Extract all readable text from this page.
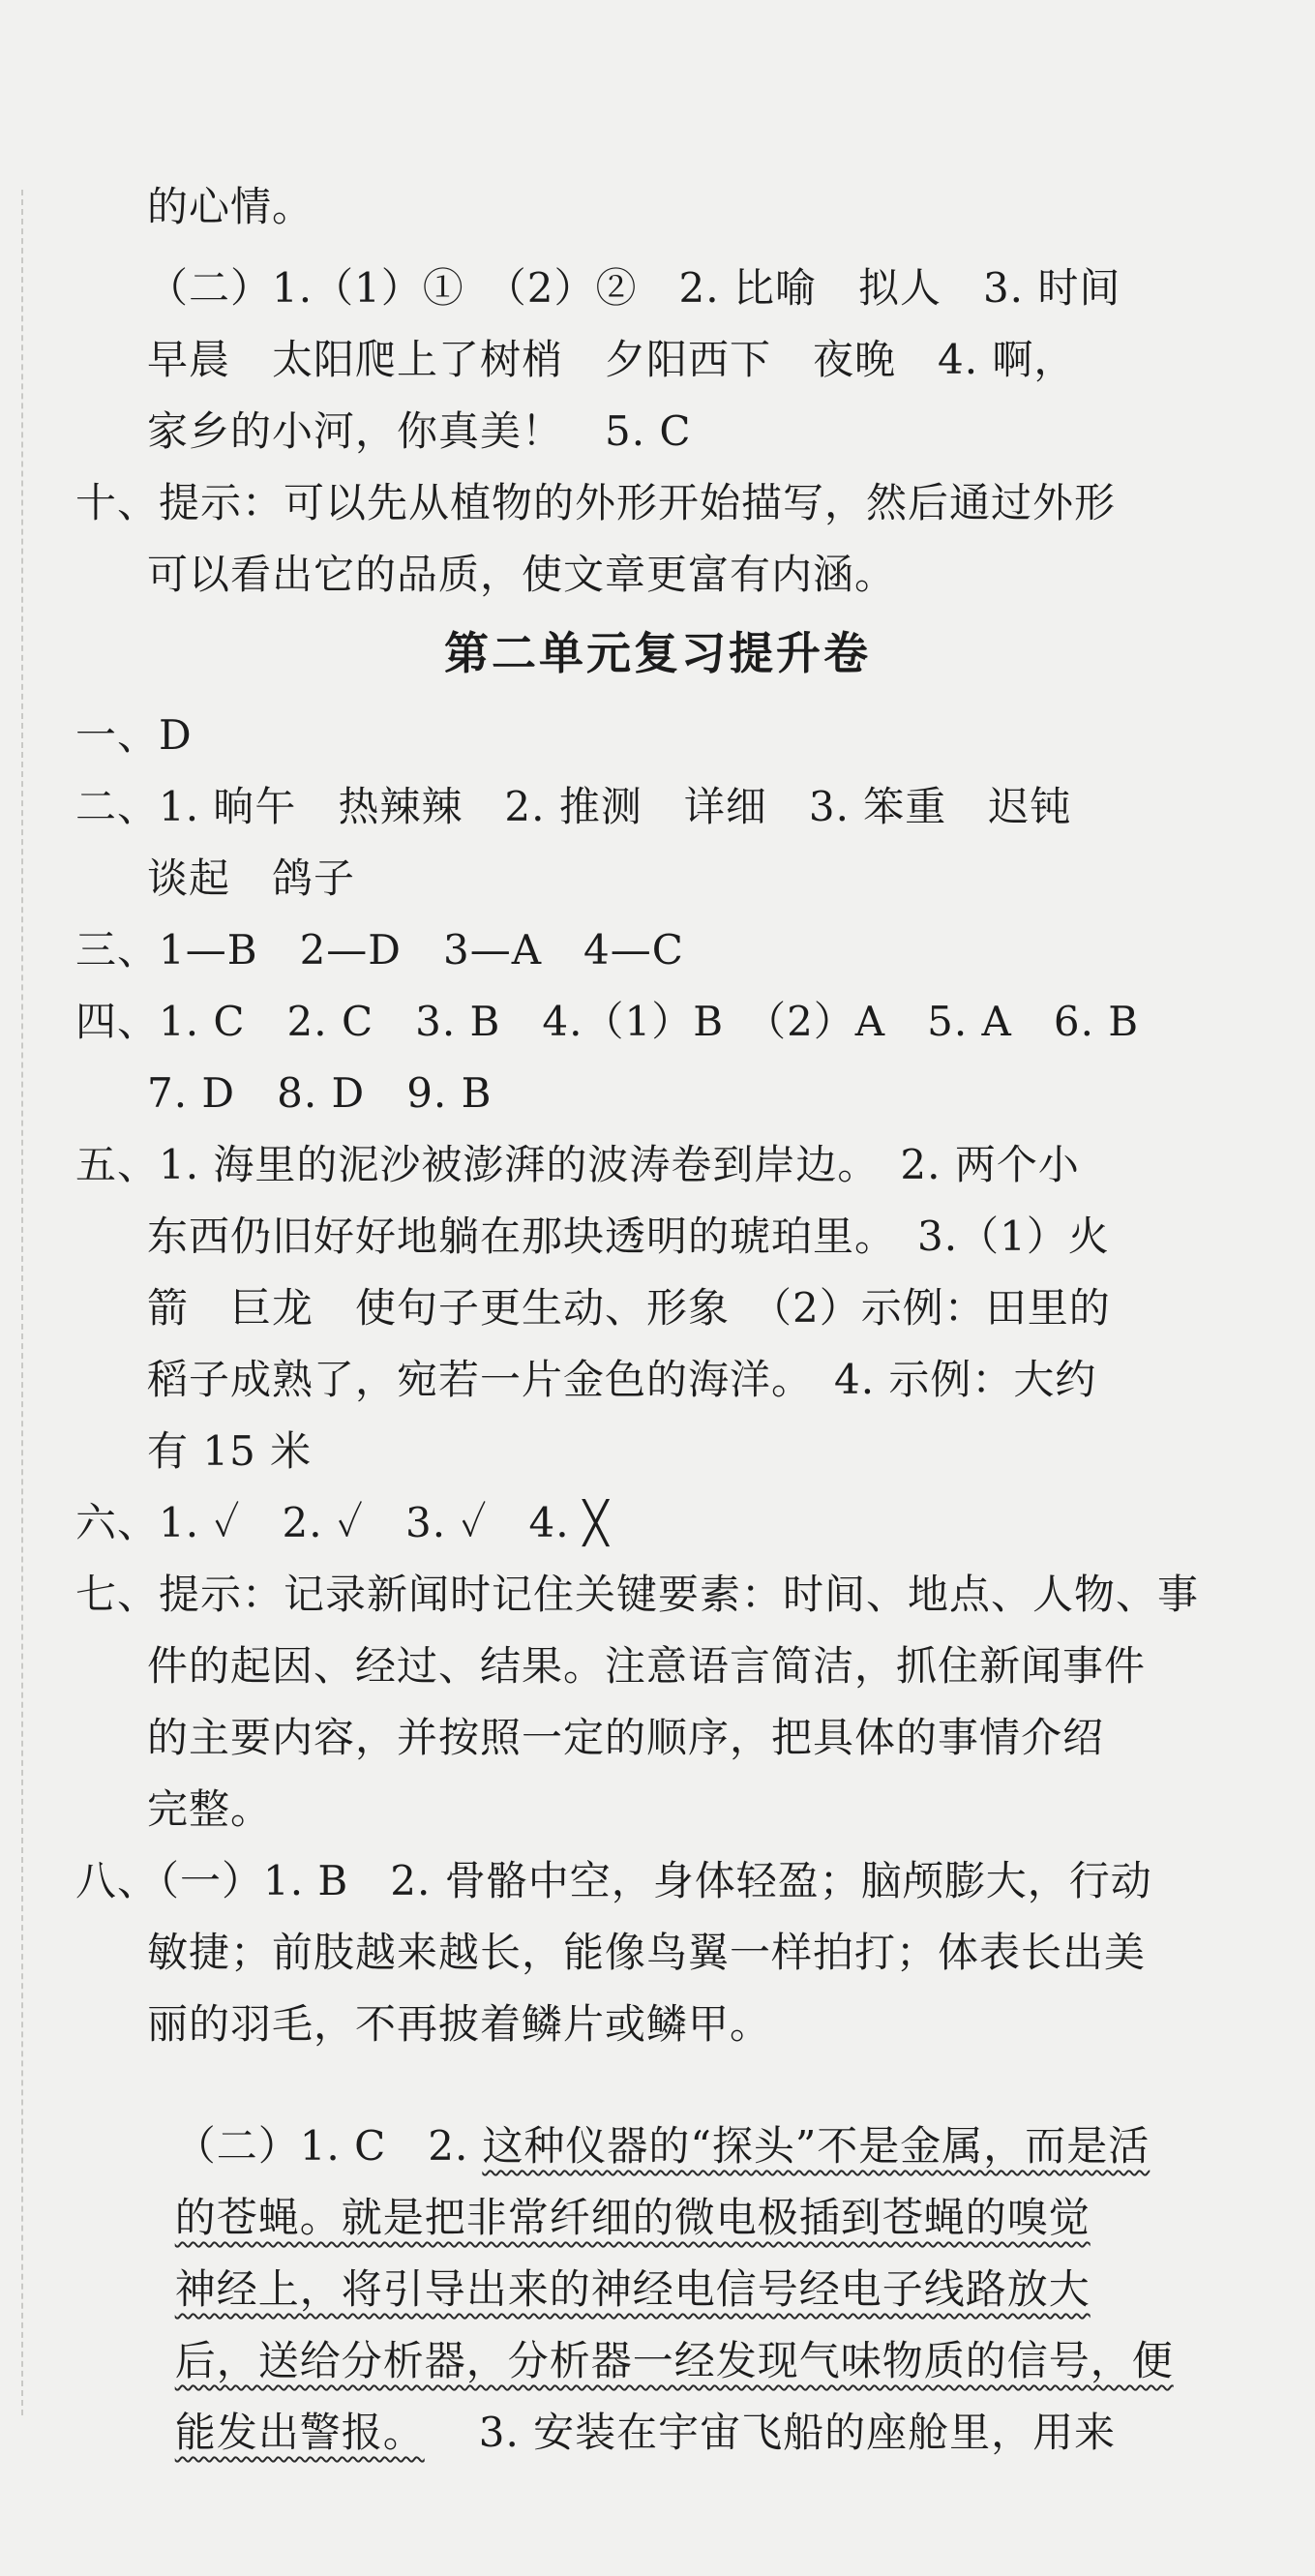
的心情。
（二）1.（1）①　（2）②　2. 比喻　拟人　3. 时间
早晨　太阳爬上了树梢　夕阳西下　夜晚　4. 啊，
家乡的小河，你真美！　5. C
十、提示：可以先从植物的外形开始描写，然后通过外形
可以看出它的品质，使文章更富有内涵。
第二单元复习提升卷
一、D
二、1. 晌午　热辣辣　2. 推测　详细　3. 笨重　迟钝
谈起　鸽子
三、1—B　2—D　3—A　4—C
四、1. C　2. C　3. B　4.（1）B　（2）A　5. A　6. B
7. D　8. D　9. B
五、1. 海里的泥沙被澎湃的波涛卷到岸边。　2. 两个小
东西仍旧好好地躺在那块透明的琥珀里。　3.（1）火
箭　巨龙　使句子更生动、形象　（2）示例：田里的
稻子成熟了，宛若一片金色的海洋。　4. 示例：大约
有 15 米
六、1. ✓　2. ✓　3. ✓　4. ╳
七、提示：记录新闻时记住关键要素：时间、地点、人物、事
件的起因、经过、结果。注意语言简洁，抓住新闻事件
的主要内容，并按照一定的顺序，把具体的事情介绍
完整。
八、（一）1. B　2. 骨骼中空，身体轻盈；脑颅膨大，行动
敏捷；前肢越来越长，能像鸟翼一样拍打；体表长出美
丽的羽毛，不再披着鳞片或鳞甲。

（二）1. C　2. 这种仪器的“探头”不是金属，而是活

的苍蝇。就是把非常纤细的微电极插到苍蝇的嗅觉

神经上，将引导出来的神经电信号经电子线路放大

后，送给分析器，分析器一经发现气味物质的信号，便

能发出警报。 3. 安装在宇宙飞船的座舱里，用来
